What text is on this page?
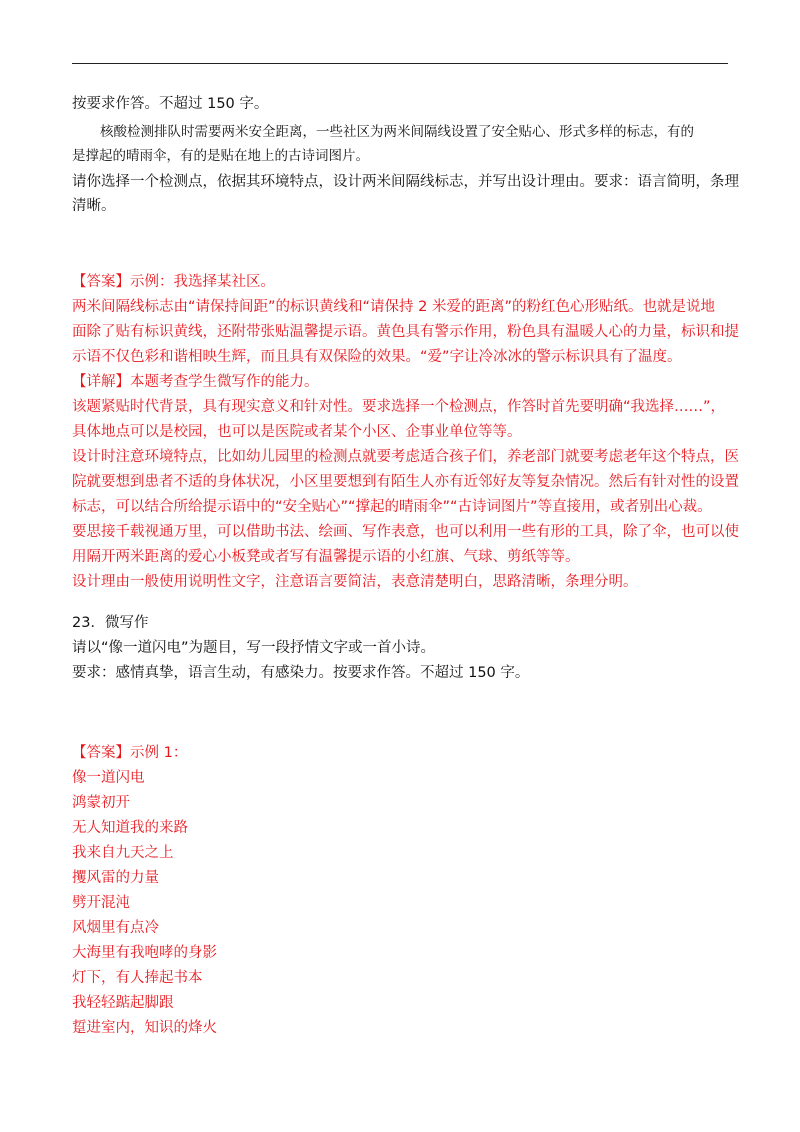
按要求作答。不超过 150 字。

核酸检测排队时需要两米安全距离，一些社区为两米间隔线设置了安全贴心、形式多样的标志，有的

是撑起的晴雨伞，有的是贴在地上的古诗词图片。

请你选择一个检测点，依据其环境特点，设计两米间隔线标志，并写出设计理由。要求：语言简明，条理

清晰。

【答案】示例：我选择某社区。

两米间隔线标志由“请保持间距”的标识黄线和“请保持 2 米爱的距离”的粉红色心形贴纸。也就是说地

面除了贴有标识黄线，还附带张贴温馨提示语。黄色具有警示作用，粉色具有温暖人心的力量，标识和提

示语不仅色彩和谐相映生辉，而且具有双保险的效果。“爱”字让冷冰冰的警示标识具有了温度。

【详解】本题考查学生微写作的能力。

该题紧贴时代背景，具有现实意义和针对性。要求选择一个检测点，作答时首先要明确“我选择……”，

具体地点可以是校园，也可以是医院或者某个小区、企事业单位等等。

设计时注意环境特点，比如幼儿园里的检测点就要考虑适合孩子们，养老部门就要考虑老年这个特点，医

院就要想到患者不适的身体状况，小区里要想到有陌生人亦有近邻好友等复杂情况。然后有针对性的设置

标志，可以结合所给提示语中的“安全贴心”“撑起的晴雨伞”“古诗词图片”等直接用，或者别出心裁。

要思接千载视通万里，可以借助书法、绘画、写作表意，也可以利用一些有形的工具，除了伞，也可以使

用隔开两米距离的爱心小板凳或者写有温馨提示语的小红旗、气球、剪纸等等。

设计理由一般使用说明性文字，注意语言要简洁，表意清楚明白，思路清晰，条理分明。

23．微写作

请以“像一道闪电”为题目，写一段抒情文字或一首小诗。

要求：感情真挚，语言生动，有感染力。按要求作答。不超过 150 字。

【答案】示例 1：

像一道闪电

鸿蒙初开

无人知道我的来路

我来自九天之上

攫风雷的力量

劈开混沌

风烟里有点冷

大海里有我咆哮的身影

灯下，有人捧起书本

我轻轻踮起脚跟

踅进室内，知识的烽火
